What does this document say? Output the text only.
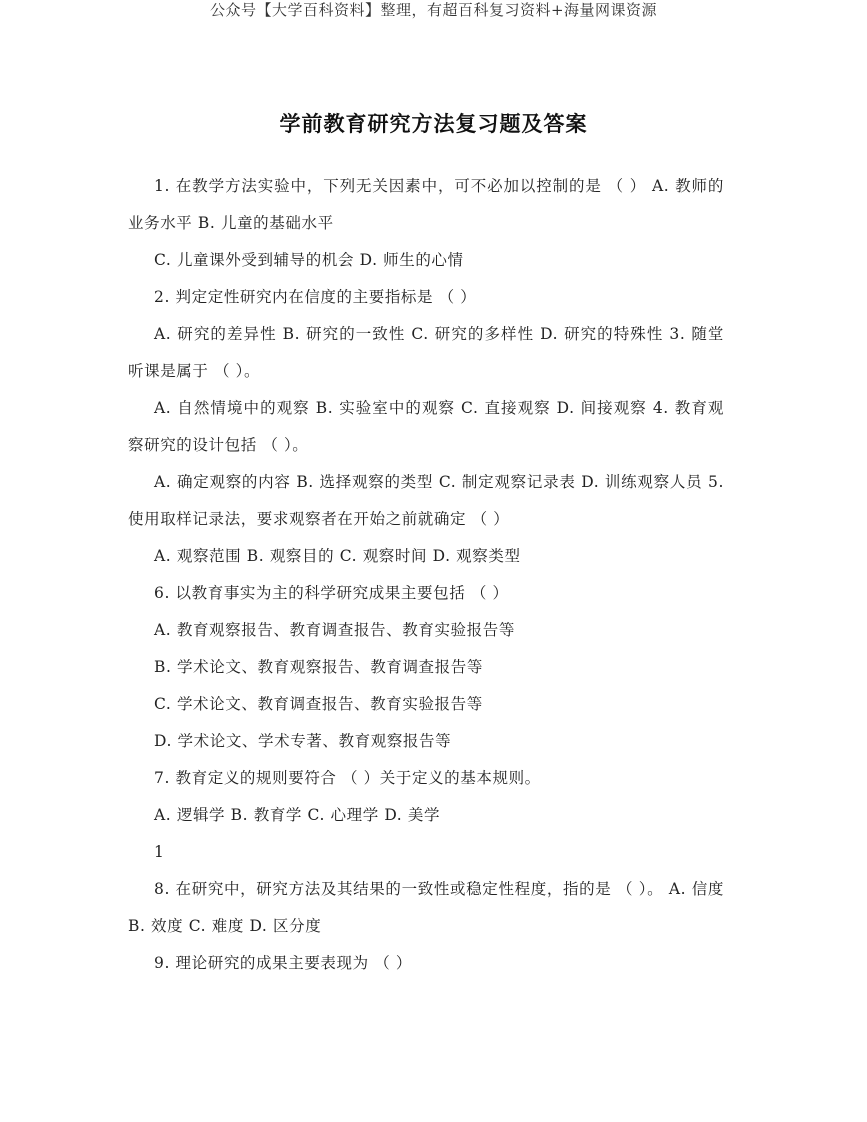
公众号【大学百科资料】整理，有超百科复习资料+海量网课资源
学前教育研究方法复习题及答案

1. 在教学方法实验中，下列无关因素中，可不必加以控制的是 （ ） A. 教师的业务水平 B. 儿童的基础水平

C. 儿童课外受到辅导的机会 D. 师生的心情

2. 判定定性研究内在信度的主要指标是 （ ）

A. 研究的差异性 B. 研究的一致性 C. 研究的多样性 D. 研究的特殊性 3. 随堂听课是属于 （ ）。

A. 自然情境中的观察 B. 实验室中的观察 C. 直接观察 D. 间接观察 4. 教育观察研究的设计包括 （ ）。

A. 确定观察的内容 B. 选择观察的类型 C. 制定观察记录表 D. 训练观察人员 5. 使用取样记录法，要求观察者在开始之前就确定 （ ）

A. 观察范围 B. 观察目的 C. 观察时间 D. 观察类型

6. 以教育事实为主的科学研究成果主要包括 （ ）

A. 教育观察报告、教育调查报告、教育实验报告等

B. 学术论文、教育观察报告、教育调查报告等

C. 学术论文、教育调查报告、教育实验报告等

D. 学术论文、学术专著、教育观察报告等

7. 教育定义的规则要符合 （ ）关于定义的基本规则。

A. 逻辑学 B. 教育学 C. 心理学 D. 美学

1

8. 在研究中，研究方法及其结果的一致性或稳定性程度，指的是 （ ）。 A. 信度 B. 效度 C. 难度 D. 区分度

9. 理论研究的成果主要表现为 （ ）
